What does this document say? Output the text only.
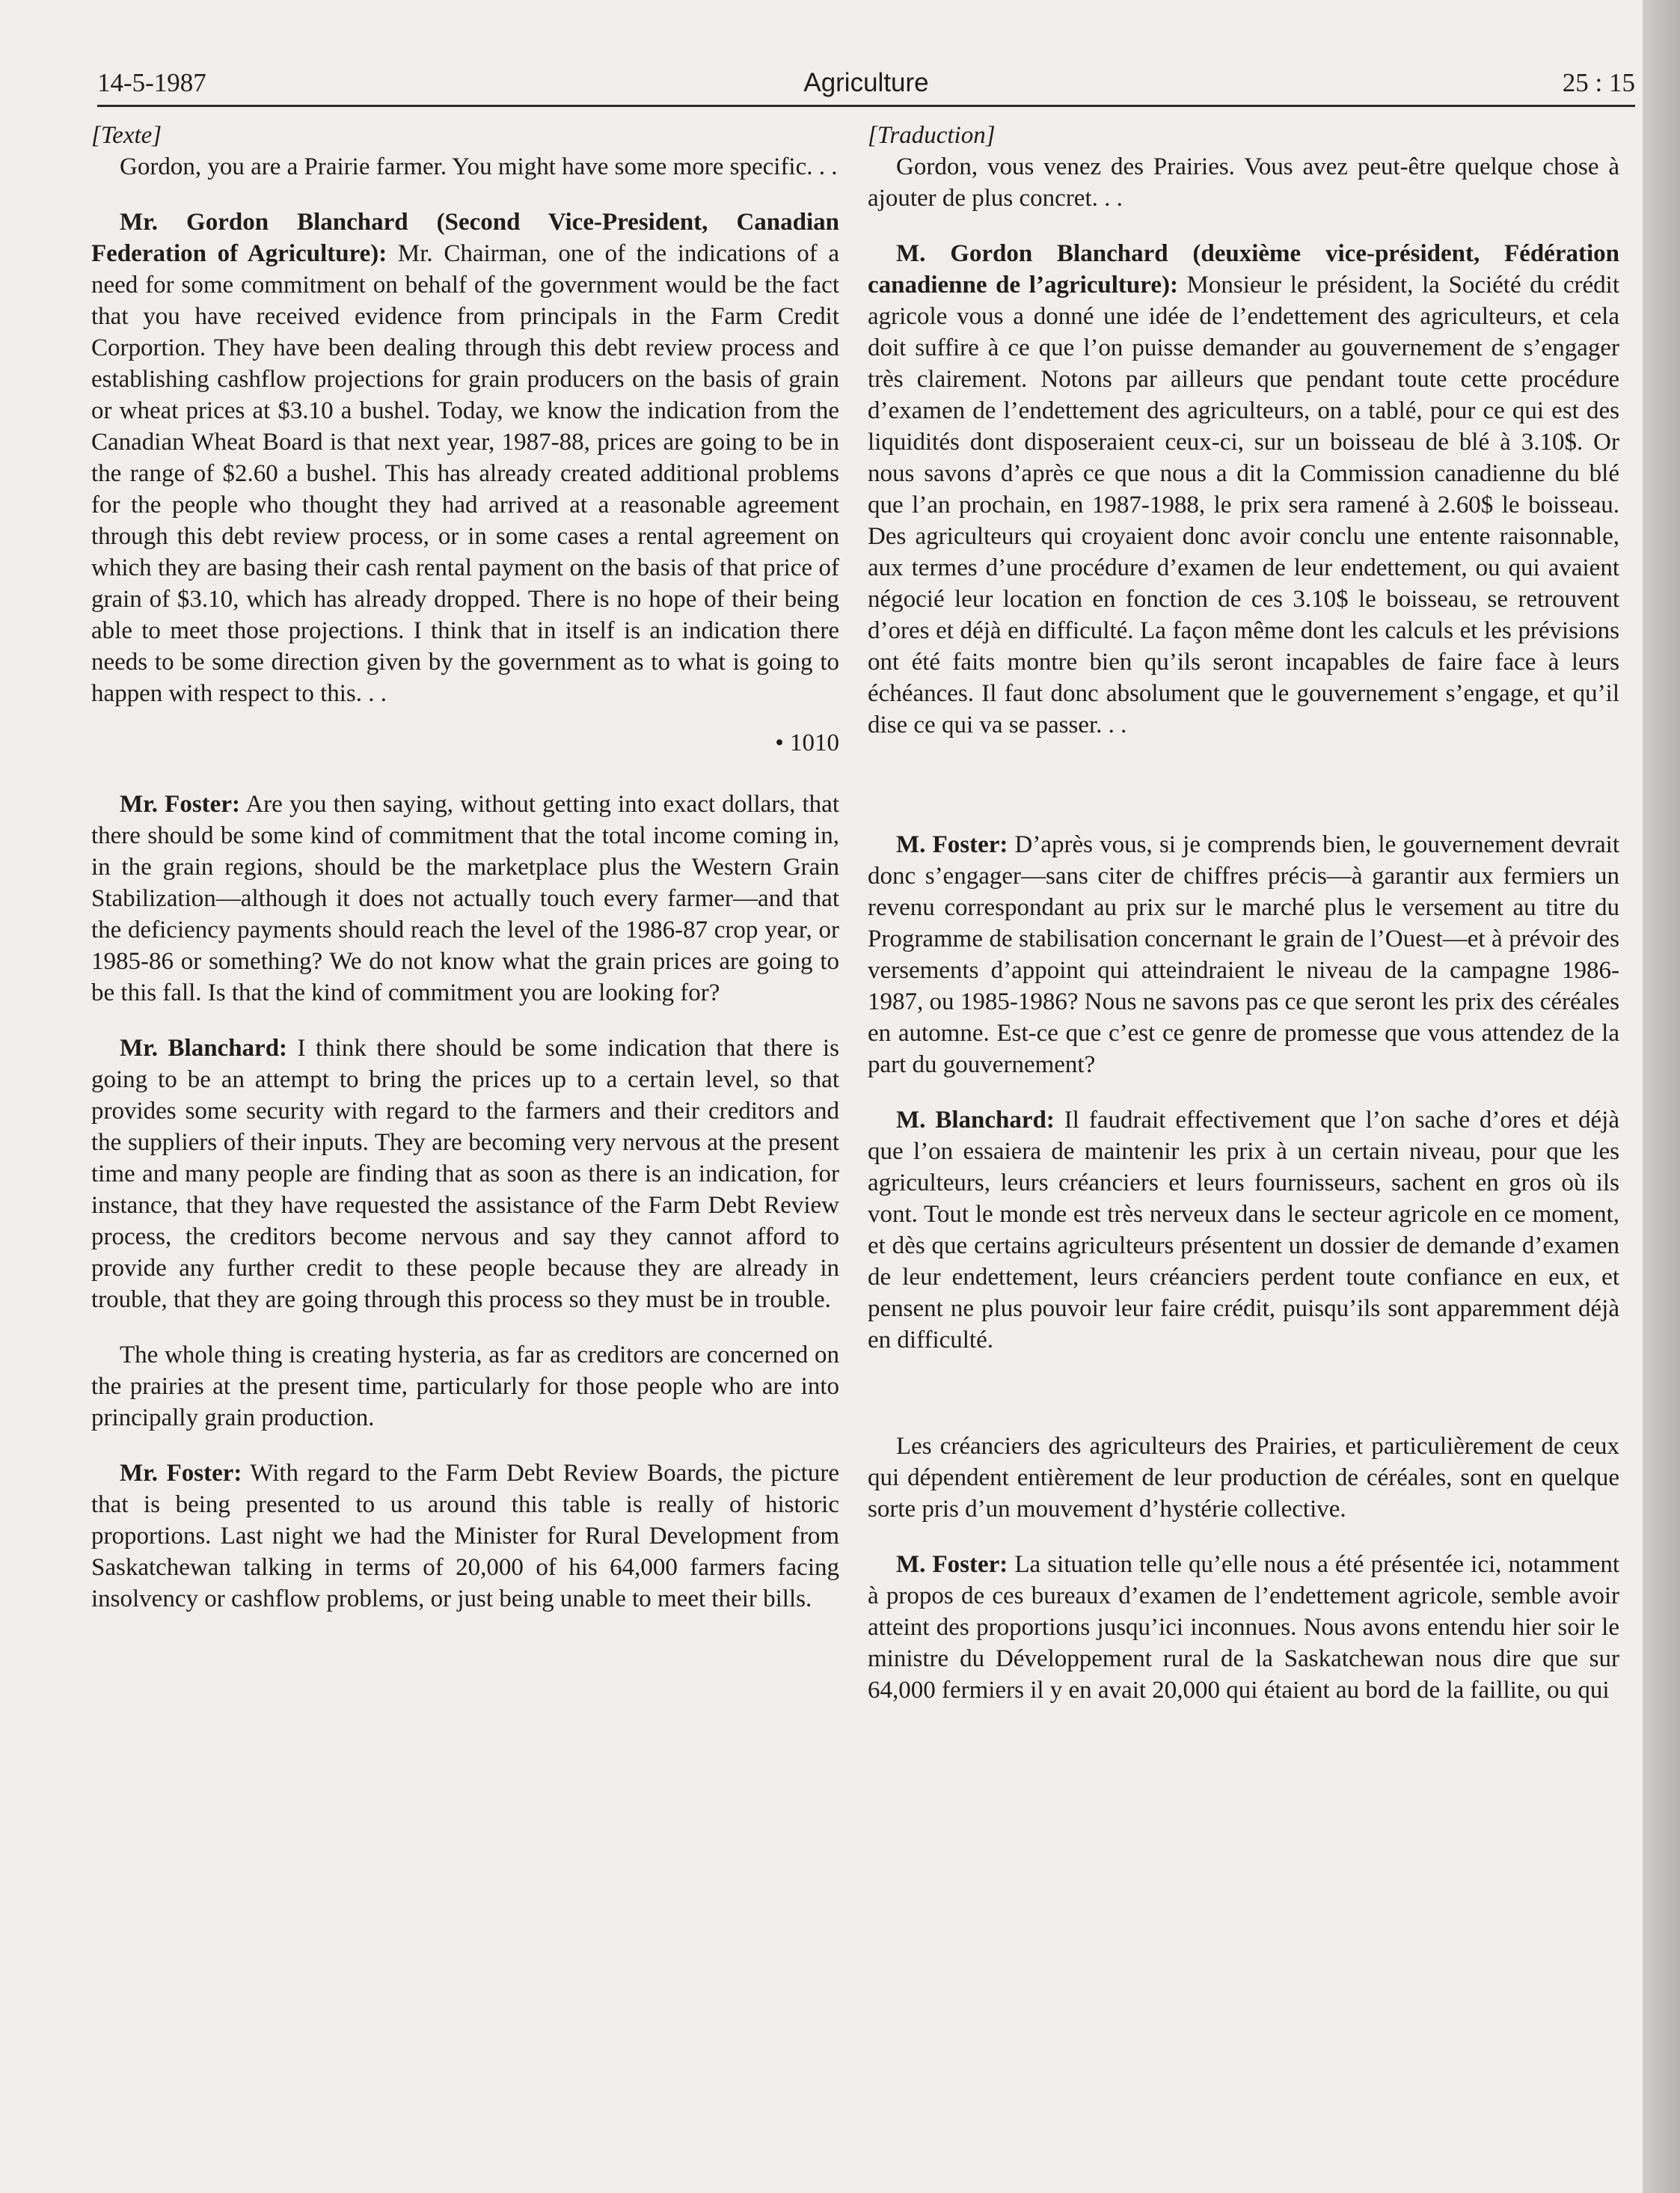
14-5-1987	Agriculture	25 : 15
[Texte]

Gordon, you are a Prairie farmer. You might have some more specific. . .

Mr. Gordon Blanchard (Second Vice-President, Canadian Federation of Agriculture): Mr. Chairman, one of the indications of a need for some commitment on behalf of the government would be the fact that you have received evidence from principals in the Farm Credit Corportion. They have been dealing through this debt review process and establishing cashflow projections for grain producers on the basis of grain or wheat prices at $3.10 a bushel. Today, we know the indication from the Canadian Wheat Board is that next year, 1987-88, prices are going to be in the range of $2.60 a bushel. This has already created additional problems for the people who thought they had arrived at a reasonable agreement through this debt review process, or in some cases a rental agreement on which they are basing their cash rental payment on the basis of that price of grain of $3.10, which has already dropped. There is no hope of their being able to meet those projections. I think that in itself is an indication there needs to be some direction given by the government as to what is going to happen with respect to this. . .

• 1010

Mr. Foster: Are you then saying, without getting into exact dollars, that there should be some kind of commitment that the total income coming in, in the grain regions, should be the marketplace plus the Western Grain Stabilization—although it does not actually touch every farmer—and that the deficiency payments should reach the level of the 1986-87 crop year, or 1985-86 or something? We do not know what the grain prices are going to be this fall. Is that the kind of commitment you are looking for?

Mr. Blanchard: I think there should be some indication that there is going to be an attempt to bring the prices up to a certain level, so that provides some security with regard to the farmers and their creditors and the suppliers of their inputs. They are becoming very nervous at the present time and many people are finding that as soon as there is an indication, for instance, that they have requested the assistance of the Farm Debt Review process, the creditors become nervous and say they cannot afford to provide any further credit to these people because they are already in trouble, that they are going through this process so they must be in trouble.

The whole thing is creating hysteria, as far as creditors are concerned on the prairies at the present time, particularly for those people who are into principally grain production.

Mr. Foster: With regard to the Farm Debt Review Boards, the picture that is being presented to us around this table is really of historic proportions. Last night we had the Minister for Rural Development from Saskatchewan talking in terms of 20,000 of his 64,000 farmers facing insolvency or cashflow problems, or just being unable to meet their bills.

[Traduction]

Gordon, vous venez des Prairies. Vous avez peut-être quelque chose à ajouter de plus concret. . .

M. Gordon Blanchard (deuxième vice-président, Fédération canadienne de l’agriculture): Monsieur le président, la Société du crédit agricole vous a donné une idée de l’endettement des agriculteurs, et cela doit suffire à ce que l’on puisse demander au gouvernement de s’engager très clairement. Notons par ailleurs que pendant toute cette procédure d’examen de l’endettement des agriculteurs, on a tablé, pour ce qui est des liquidités dont disposeraient ceux-ci, sur un boisseau de blé à 3.10$. Or nous savons d’après ce que nous a dit la Commission canadienne du blé que l’an prochain, en 1987-1988, le prix sera ramené à 2.60$ le boisseau. Des agriculteurs qui croyaient donc avoir conclu une entente raisonnable, aux termes d’une procédure d’examen de leur endettement, ou qui avaient négocié leur location en fonction de ces 3.10$ le boisseau, se retrouvent d’ores et déjà en difficulté. La façon même dont les calculs et les prévisions ont été faits montre bien qu’ils seront incapables de faire face à leurs échéances. Il faut donc absolument que le gouvernement s’engage, et qu’il dise ce qui va se passer. . .

M. Foster: D’après vous, si je comprends bien, le gouvernement devrait donc s’engager—sans citer de chiffres précis—à garantir aux fermiers un revenu correspondant au prix sur le marché plus le versement au titre du Programme de stabilisation concernant le grain de l’Ouest—et à prévoir des versements d’appoint qui atteindraient le niveau de la campagne 1986-1987, ou 1985-1986? Nous ne savons pas ce que seront les prix des céréales en automne. Est-ce que c’est ce genre de promesse que vous attendez de la part du gouvernement?

M. Blanchard: Il faudrait effectivement que l’on sache d’ores et déjà que l’on essaiera de maintenir les prix à un certain niveau, pour que les agriculteurs, leurs créanciers et leurs fournisseurs, sachent en gros où ils vont. Tout le monde est très nerveux dans le secteur agricole en ce moment, et dès que certains agriculteurs présentent un dossier de demande d’examen de leur endettement, leurs créanciers perdent toute confiance en eux, et pensent ne plus pouvoir leur faire crédit, puisqu’ils sont apparemment déjà en difficulté.

Les créanciers des agriculteurs des Prairies, et particulièrement de ceux qui dépendent entièrement de leur production de céréales, sont en quelque sorte pris d’un mouvement d’hystérie collective.

M. Foster: La situation telle qu’elle nous a été présentée ici, notamment à propos de ces bureaux d’examen de l’endettement agricole, semble avoir atteint des proportions jusqu’ici inconnues. Nous avons entendu hier soir le ministre du Développement rural de la Saskatchewan nous dire que sur 64,000 fermiers il y en avait 20,000 qui étaient au bord de la faillite, ou qui
